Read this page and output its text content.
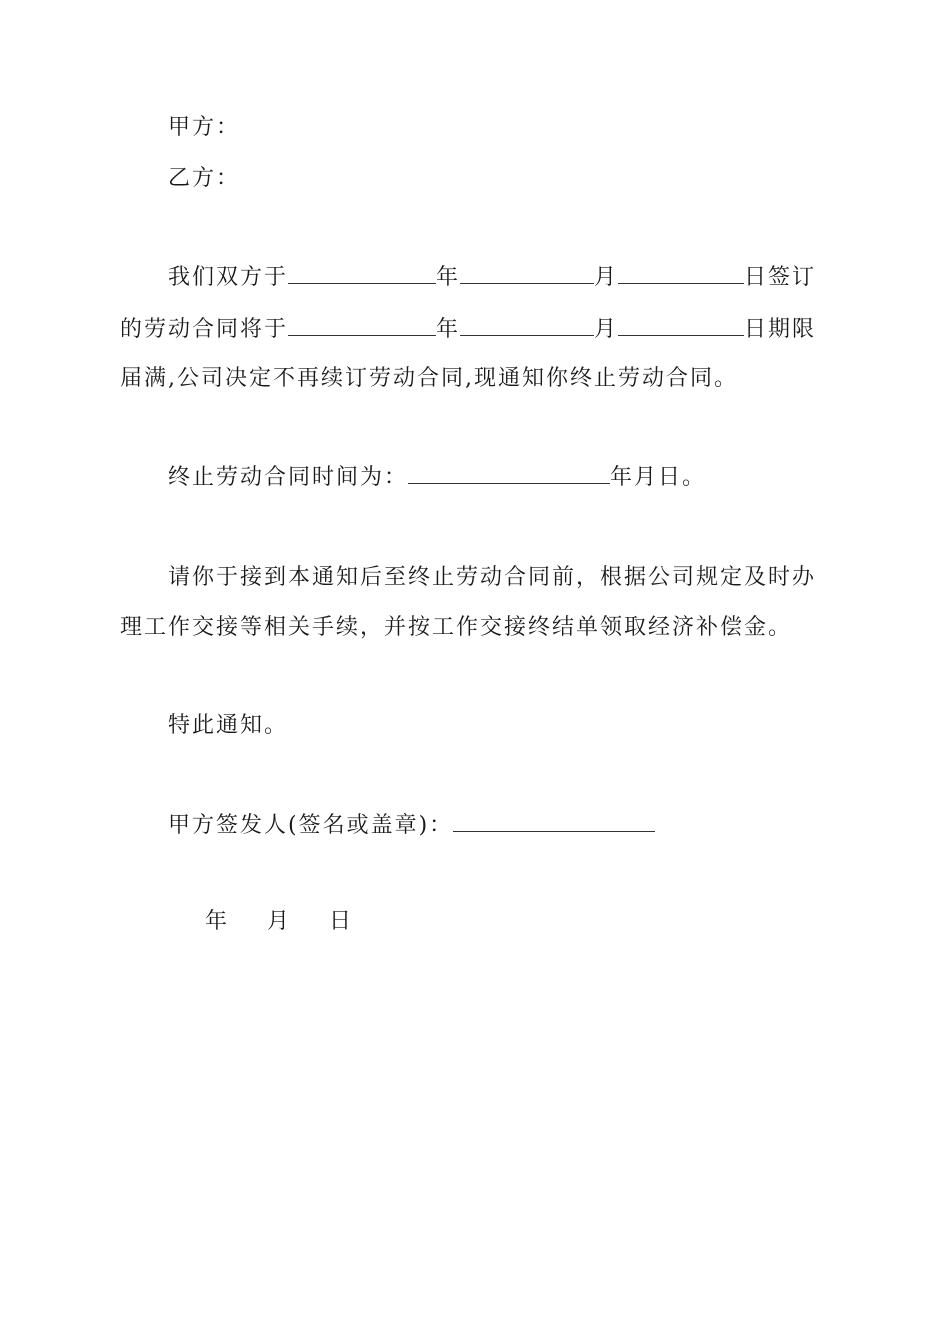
甲方：
乙方：
我们双方于	年	月	日签订
的劳动合同将于	年	月	日期限
届满,公司决定不再续订劳动合同,现通知你终止劳动合同。
终止劳动合同时间为：	年月日。
请你于接到本通知后至终止劳动合同前，根据公司规定及时办
理工作交接等相关手续，并按工作交接终结单领取经济补偿金。
特此通知。
甲方签发人(签名或盖章)：
年 月 日
